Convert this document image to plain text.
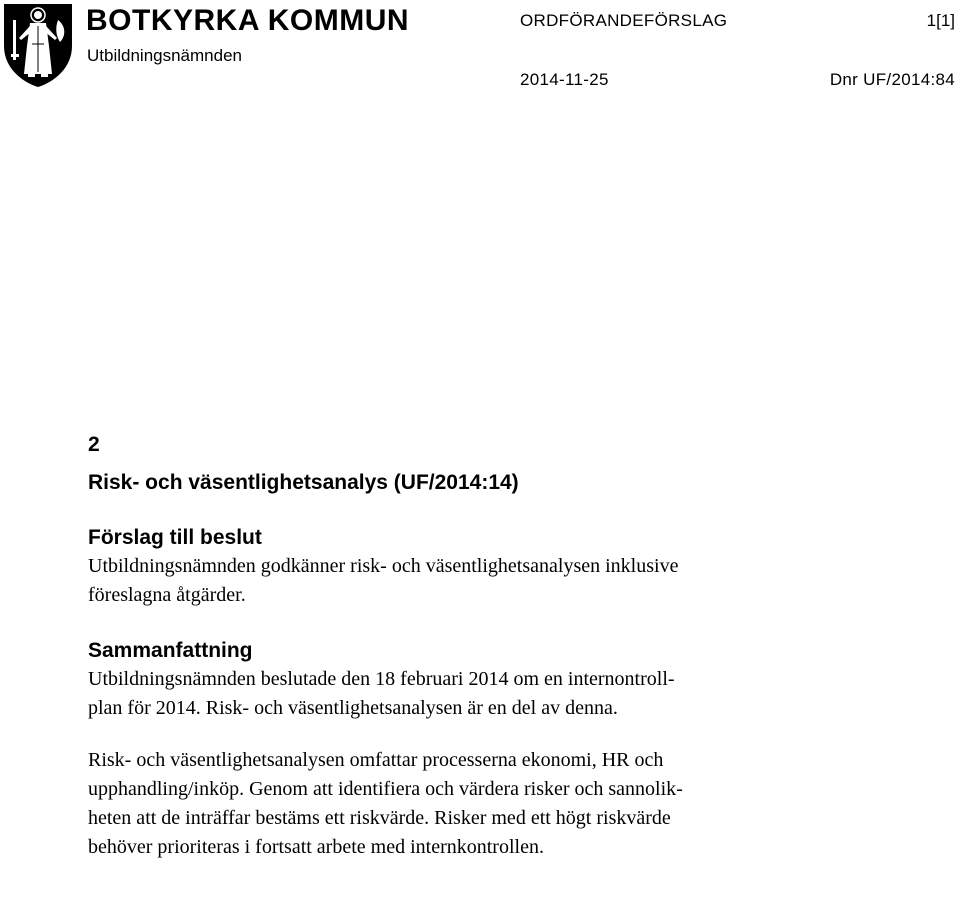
BOTKYRKA KOMMUN
Utbildningsnämnden
ORDFÖRANDEFÖRSLAG	1[1]
2014-11-25	Dnr UF/2014:84
2
Risk- och väsentlighetsanalys (UF/2014:14)
Förslag till beslut

Utbildningsnämnden godkänner risk- och väsentlighetsanalysen inklusive
föreslagna åtgärder.

Sammanfattning

Utbildningsnämnden beslutade den 18 februari 2014 om en internontroll-
plan för 2014. Risk- och väsentlighetsanalysen är en del av denna.

Risk- och väsentlighetsanalysen omfattar processerna ekonomi, HR och
upphandling/inköp. Genom att identifiera och värdera risker och sannolik-
heten att de inträffar bestäms ett riskvärde. Risker med ett högt riskvärde
behöver prioriteras i fortsatt arbete med internkontrollen.
